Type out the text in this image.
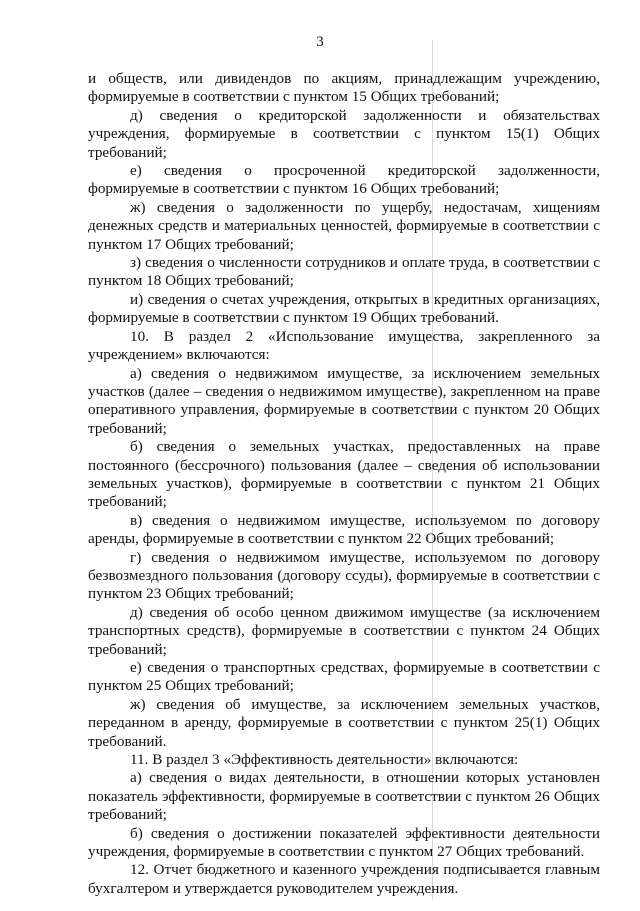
3

и обществ, или дивидендов по акциям, принадлежащим учреждению, формируемые в соответствии с пунктом 15 Общих требований;

д) сведения о кредиторской задолженности и обязательствах учреждения, формируемые в соответствии с пунктом 15(1) Общих требований;

е) сведения о просроченной кредиторской задолженности, формируемые в соответствии с пунктом 16 Общих требований;

ж) сведения о задолженности по ущербу, недостачам, хищениям денежных средств и материальных ценностей, формируемые в соответствии с пунктом 17 Общих требований;

з) сведения о численности сотрудников и оплате труда, в соответствии с пунктом 18 Общих требований;

и) сведения о счетах учреждения, открытых в кредитных организациях, формируемые в соответствии с пунктом 19 Общих требований.

10. В раздел 2 «Использование имущества, закрепленного за учреждением» включаются:

а) сведения о недвижимом имуществе, за исключением земельных участков (далее – сведения о недвижимом имуществе), закрепленном на праве оперативного управления, формируемые в соответствии с пунктом 20 Общих требований;

б) сведения о земельных участках, предоставленных на праве постоянного (бессрочного) пользования (далее – сведения об использовании земельных участков), формируемые в соответствии с пунктом 21 Общих требований;

в) сведения о недвижимом имуществе, используемом по договору аренды, формируемые в соответствии с пунктом 22 Общих требований;

г) сведения о недвижимом имуществе, используемом по договору безвозмездного пользования (договору ссуды), формируемые в соответствии с пунктом 23 Общих требований;

д) сведения об особо ценном движимом имуществе (за исключением транспортных средств), формируемые в соответствии с пунктом 24 Общих требований;

е) сведения о транспортных средствах, формируемые в соответствии с пунктом 25 Общих требований;

ж) сведения об имуществе, за исключением земельных участков, переданном в аренду, формируемые в соответствии с пунктом 25(1) Общих требований.

11. В раздел 3 «Эффективность деятельности» включаются:

а) сведения о видах деятельности, в отношении которых установлен показатель эффективности, формируемые в соответствии с пунктом 26 Общих требований;

б) сведения о достижении показателей эффективности деятельности учреждения, формируемые в соответствии с пунктом 27 Общих требований.

12. Отчет бюджетного и казенного учреждения подписывается главным бухгалтером и утверждается руководителем учреждения.
